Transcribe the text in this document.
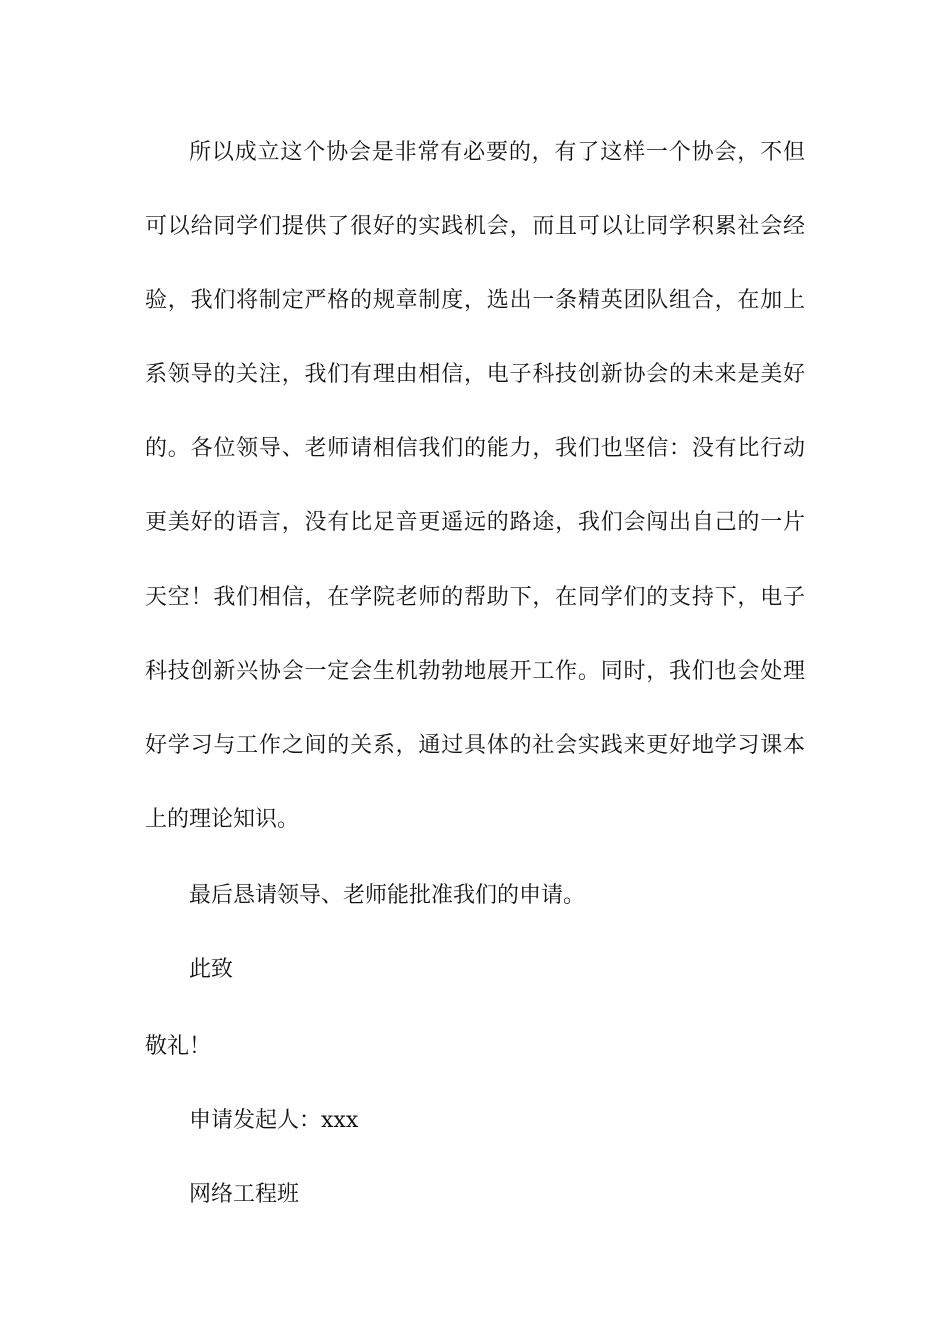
所以成立这个协会是非常有必要的，有了这样一个协会，不但
可以给同学们提供了很好的实践机会，而且可以让同学积累社会经
验，我们将制定严格的规章制度，选出一条精英团队组合，在加上
系领导的关注，我们有理由相信，电子科技创新协会的未来是美好
的。各位领导、老师请相信我们的能力，我们也坚信：没有比行动
更美好的语言，没有比足音更遥远的路途，我们会闯出自己的一片
天空！我们相信，在学院老师的帮助下，在同学们的支持下，电子
科技创新兴协会一定会生机勃勃地展开工作。同时，我们也会处理
好学习与工作之间的关系，通过具体的社会实践来更好地学习课本
上的理论知识。
最后恳请领导、老师能批准我们的申请。
此致
敬礼！
申请发起人：xxx
网络工程班
